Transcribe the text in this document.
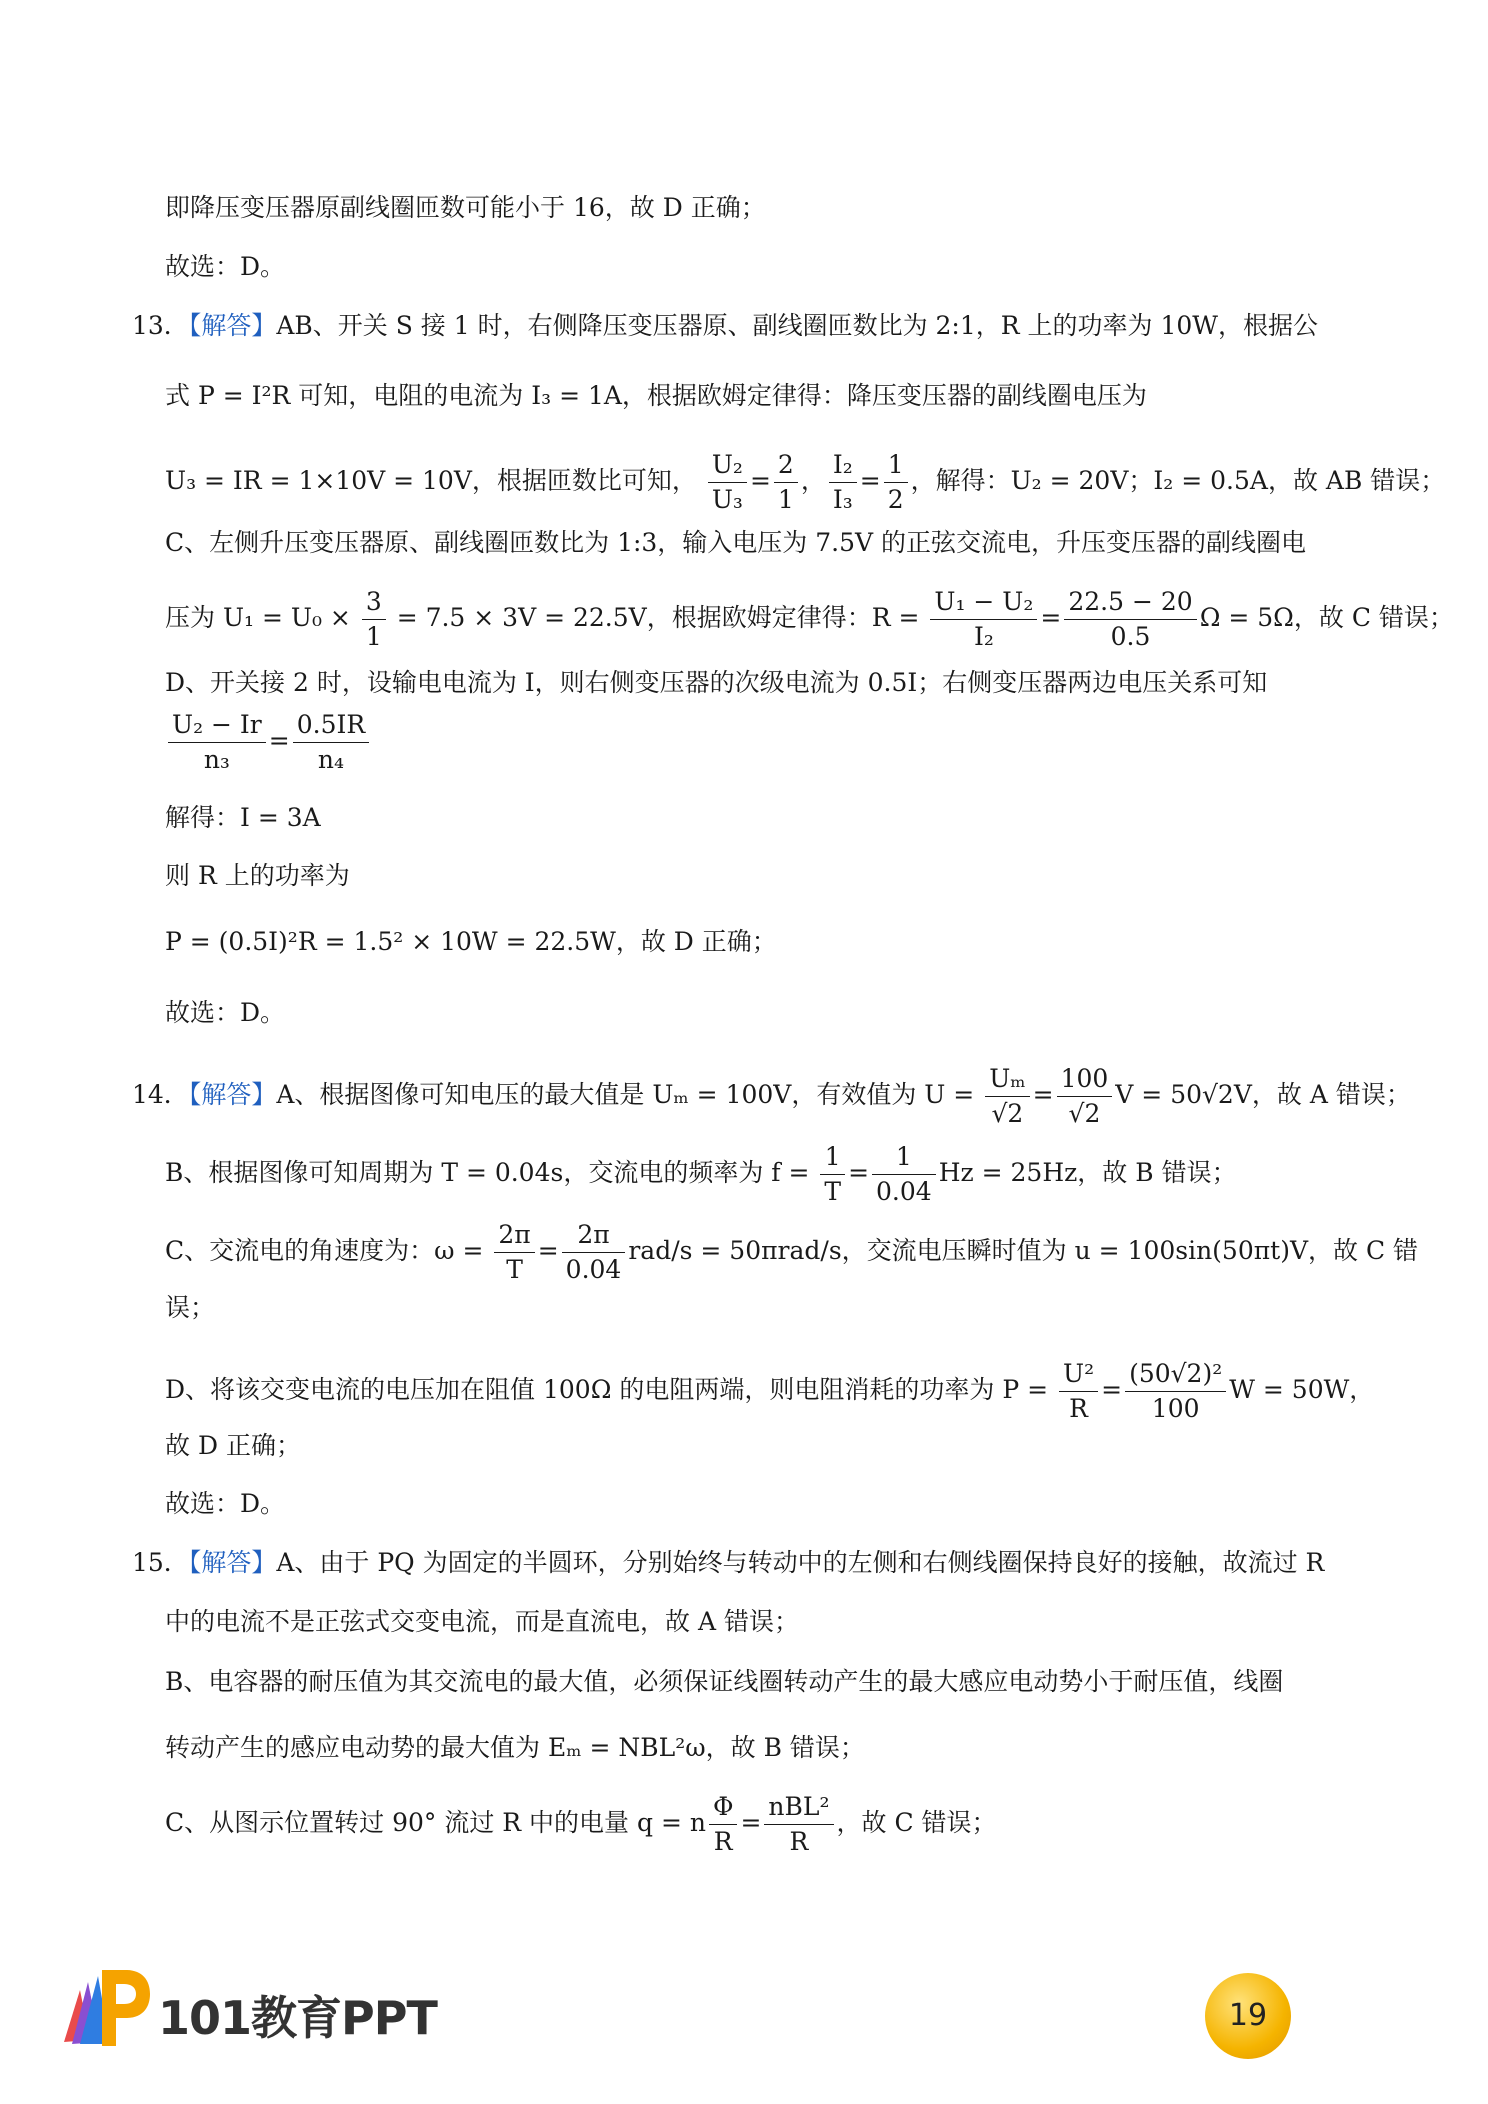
即降压变压器原副线圈匝数可能小于 16，故 D 正确；
故选：D。
13．【解答】AB、开关 S 接 1 时，右侧降压变压器原、副线圈匝数比为 2:1，R 上的功率为 10W，根据公
式 P = I²R 可知，电阻的电流为 I₃ = 1A，根据欧姆定律得：降压变压器的副线圈电压为
U₃ = IR = 1×10V = 10V，根据匝数比可知， $\frac{\text{U₂}}{\text{U₃}} = \frac{2}{1}$ ， $\frac{\text{I₂}}{\text{I₃}} = \frac{1}{2}$ ，解得：U₂ = 20V；I₂ = 0.5A，故 AB 错误；
C、左侧升压变压器原、副线圈匝数比为 1:3，输入电压为 7.5V 的正弦交流电，升压变压器的副线圈电
压为 $U_1 = U_0 \times \frac{3}{1} = 7.5 \times 3V = 22.5V$，根据欧姆定律得：$R = \frac{\text{U₁ − U₂}}{\text{I₂}} = \frac{22.5 - 20}{0.5}$ Ω = 5Ω，故 C 错误；
D、开关接 2 时，设输电电流为 I，则右侧变压器的次级电流为 0.5I；右侧变压器两边电压关系可知
$\frac{\text{U₂ − Ir}}{\text{n₃}} = \frac{0.5IR}{\text{n₄}}$
解得：I = 3A
则 R 上的功率为
P = (0.5I)²R = 1.5² × 10W = 22.5W，故 D 正确；
故选：D。
14．【解答】A、根据图像可知电压的最大值是 Uₘ = 100V，有效值为 $U = \frac{\text{Uₘ}}{√2} = \frac{100}{√2}$ V = 50√2V，故 A 错误；
B、根据图像可知周期为 T = 0.04s，交流电的频率为 $f = \frac{1}{T} = \frac{1}{0.04}$ Hz = 25Hz，故 B 错误；
C、交流电的角速度为：$\omega = \frac{2\pi}{T} = \frac{2\pi}{0.04} rad/s = 50\pi rad/s$，交流电压瞬时值为 u = 100sin(50πt)V，故 C 错
误；
D、将该交变电流的电压加在阻值 100Ω 的电阻两端，则电阻消耗的功率为 $P = \frac{\text{U²}}{R} = \frac{\text{(50√2)²}}{100}$ W = 50W，
故 D 正确；
故选：D。
15．【解答】A、由于 PQ 为固定的半圆环，分别始终与转动中的左侧和右侧线圈保持良好的接触，故流过 R
中的电流不是正弦式交变电流，而是直流电，故 A 错误；
B、电容器的耐压值为其交流电的最大值，必须保证线圈转动产生的最大感应电动势小于耐压值，线圈
转动产生的感应电动势的最大值为 Eₘ = NBL²ω，故 B 错误；
C、从图示位置转过 90° 流过 R 中的电量 q = n $\frac{\Phi}{R} = \frac{\text{nBL²}}{R}$ ，故 C 错误；
101教育PPT	19
